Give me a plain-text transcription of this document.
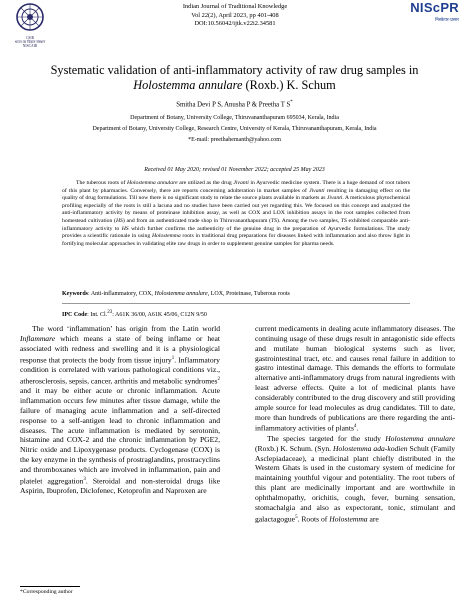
CSIR
भारत का विज्ञान संस्थान
NISCAIR
Indian Journal of Traditional Knowledge
Vol 22(2), April 2023, pp 401-408
DOI:10.56042/ijtk.v22i2.34581
NIScPR
निस्केयर-प्रसार
Systematic validation of anti-inflammatory activity of raw drug samples in
Holostemma annulare (Roxb.) K. Schum
Smitha Devi P S, Anusha P & Preetha T S*
Department of Botany, University College, Thiruvananthapuram 695034, Kerala, India
Department of Botany, University College, Research Centre, University of Kerala, Thiruvananthapuram, Kerala, India
*E-mail: preethahemanth@yahoo.com
Received 01 May 2020; revised 01 November 2022; accepted 25 May 2023
The tuberous roots of Holostemma annulare are utilized as the drug Jivanti in Ayurvedic medicine system. There is a huge demand of root tubers of this plant by pharmacies. Conversely, there are reports concerning adulteration in market samples of Jivanti resulting in damaging effect on the quality of drug formulations. Till now there is no significant study to relate the source plants available in markets as Jivanti. A meticulous phytochemical profiling especially of the roots is still a lacuna and no studies have been carried out yet regarding this. We focused on this concept and analyzed the anti-inflammatory activity by means of proteinase inhibition assay, as well as COX and LOX inhibition assays in the root samples collected from homestead cultivation (HS) and from an authenticated trade shop in Thiruvananthapuram (TS). Among the two samples, TS exhibited comparable anti-inflammatory activity to HS which further confirms the authenticity of the genuine drug in the preparation of Ayurvedic formulations. The study provides a scientific rationale in using Holostemma roots in traditional drug preparations for diseases linked with inflammation and also throw light in fortifying molecular approaches in validating elite raw drugs in order to supplement genuine samples for pharma needs.
Keywords: Anti-inflammatory, COX, Holostemma annulare, LOX, Proteinase, Tuberous roots
IPC Code: Int. Cl.$^{23}$: A61K 36/00, A61K 45/06, C12N 9/50

The word ‘inflammation’ has origin from the Latin world Inflammare which means a state of being inflame or heat associated with redness and swelling and it is a physiological response that protects the body from tissue injury$^1$. Inflammatory condition is correlated with various pathological conditions viz., atherosclerosis, sepsis, cancer, arthritis and metabolic syndromes$^2$ and it may be either acute or chronic inflammation. Acute inflammation occurs few minutes after tissue damage, while the failure of managing acute inflammation and a self-directed response to a self-antigen lead to chronic inflammation and diseases. The acute inflammation is mediated by serotonin, histamine and COX-2 and the chronic inflammation by PGE2, Nitric oxide and Lipoxygenase products. Cyclogenase (COX) is the key enzyme in the synthesis of prostraglandins, prostracyclins and thromboxanes which are involved in inflammation, pain and platelet aggregation$^3$. Steroidal and non-steroidal drugs like Aspirin, Ibuprofen, Diclofenec, Ketoprofin and Naproxen are

current medicaments in dealing acute inflammatory diseases. The continuing usage of these drugs result in antagonistic side effects and mutilate human biological systems such as liver, gastrointestinal tract, etc. and causes renal failure in addition to gastro intestinal damage. This demands the efforts to formulate alternative anti-inflammatory drugs from natural ingredients with least adverse effects. Quite a lot of medicinal plants have considerably contributed to the drug discovery and still providing ample source for lead molecules as drug candidates. Till to date, more than hundreds of publications are there regarding the anti-inflammatory activities of plants$^4$.

The species targeted for the study Holostemma annulare (Roxb.) K. Schum. (Syn. Holostemma ada-kodien Schult (Family Asclepiadaceae), a medicinal plant chiefly distributed in the Western Ghats is used in the customary system of medicine for maintaining youthful vigour and potentiality. The root tubers of this plant are medicinally important and are worthwhile in ophthalmopathy, orichitis, cough, fever, burning sensation, stomachalgia and also as expectorant, tonic, stimulant and galactagogue$^5$. Roots of Holostemma are

*Corresponding author
